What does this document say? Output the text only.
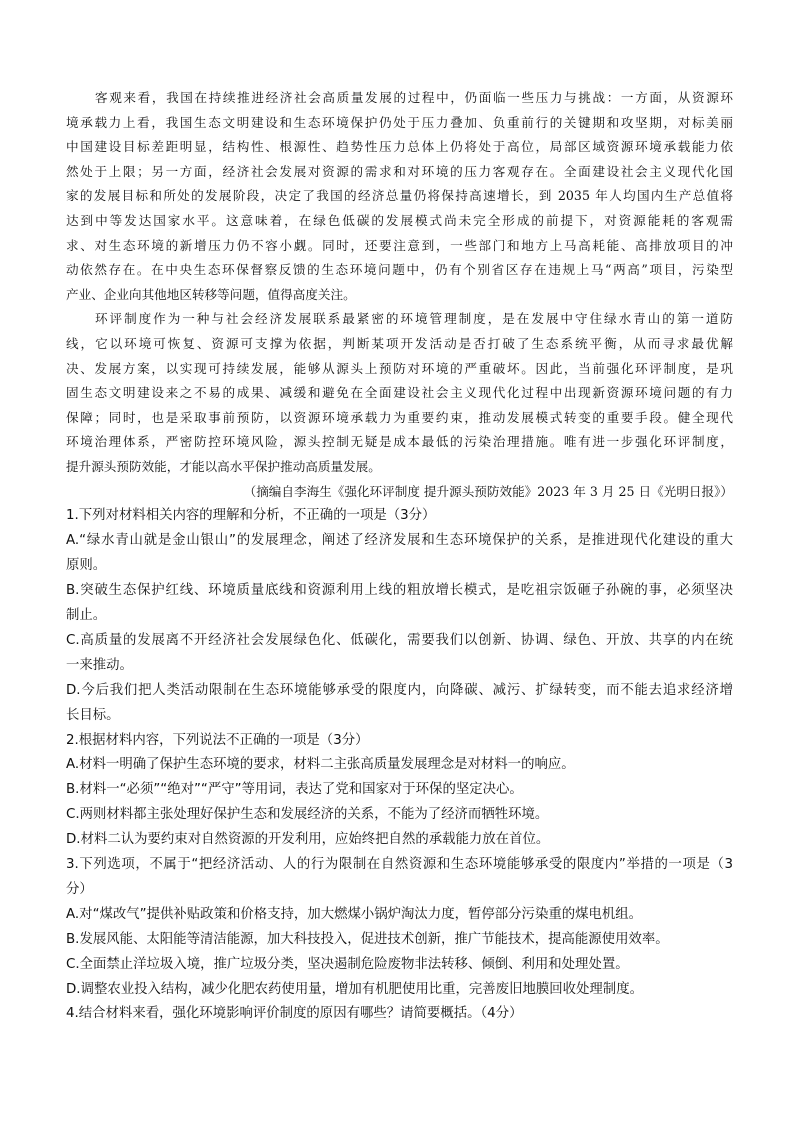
客观来看，我国在持续推进经济社会高质量发展的过程中，仍面临一些压力与挑战：一方面，从资源环
境承载力上看，我国生态文明建设和生态环境保护仍处于压力叠加、负重前行的关键期和攻坚期，对标美丽
中国建设目标差距明显，结构性、根源性、趋势性压力总体上仍将处于高位，局部区域资源环境承载能力依
然处于上限；另一方面，经济社会发展对资源的需求和对环境的压力客观存在。全面建设社会主义现代化国
家的发展目标和所处的发展阶段，决定了我国的经济总量仍将保持高速增长，到 2035 年人均国内生产总值将
达到中等发达国家水平。这意味着，在绿色低碳的发展模式尚未完全形成的前提下，对资源能耗的客观需
求、对生态环境的新增压力仍不容小觑。同时，还要注意到，一些部门和地方上马高耗能、高排放项目的冲
动依然存在。在中央生态环保督察反馈的生态环境问题中，仍有个别省区存在违规上马“两高”项目，污染型
产业、企业向其他地区转移等问题，值得高度关注。
环评制度作为一种与社会经济发展联系最紧密的环境管理制度，是在发展中守住绿水青山的第一道防
线，它以环境可恢复、资源可支撑为依据，判断某项开发活动是否打破了生态系统平衡，从而寻求最优解
决、发展方案，以实现可持续发展，能够从源头上预防对环境的严重破坏。因此，当前强化环评制度，是巩
固生态文明建设来之不易的成果、减缓和避免在全面建设社会主义现代化过程中出现新资源环境问题的有力
保障；同时，也是采取事前预防，以资源环境承载力为重要约束，推动发展模式转变的重要手段。健全现代
环境治理体系，严密防控环境风险，源头控制无疑是成本最低的污染治理措施。唯有进一步强化环评制度，
提升源头预防效能，才能以高水平保护推动高质量发展。
（摘编自李海生《强化环评制度 提升源头预防效能》2023 年 3 月 25 日《光明日报》）
1.下列对材料相关内容的理解和分析，不正确的一项是（3分）
A.“绿水青山就是金山银山”的发展理念，阐述了经济发展和生态环境保护的关系，是推进现代化建设的重大
原则。
B.突破生态保护红线、环境质量底线和资源利用上线的粗放增长模式，是吃祖宗饭砸子孙碗的事，必须坚决
制止。
C.高质量的发展离不开经济社会发展绿色化、低碳化，需要我们以创新、协调、绿色、开放、共享的内在统
一来推动。
D.今后我们把人类活动限制在生态环境能够承受的限度内，向降碳、减污、扩绿转变，而不能去追求经济增
长目标。
2.根据材料内容，下列说法不正确的一项是（3分）
A.材料一明确了保护生态环境的要求，材料二主张高质量发展理念是对材料一的响应。
B.材料一“必须”“绝对”“严守”等用词，表达了党和国家对于环保的坚定决心。
C.两则材料都主张处理好保护生态和发展经济的关系，不能为了经济而牺牲环境。
D.材料二认为要约束对自然资源的开发利用，应始终把自然的承载能力放在首位。
3.下列选项，不属于“把经济活动、人的行为限制在自然资源和生态环境能够承受的限度内”举措的一项是（3
分）
A.对“煤改气”提供补贴政策和价格支持，加大燃煤小锅炉淘汰力度，暂停部分污染重的煤电机组。
B.发展风能、太阳能等清洁能源，加大科技投入，促进技术创新，推广节能技术，提高能源使用效率。
C.全面禁止洋垃圾入境，推广垃圾分类，坚决遏制危险废物非法转移、倾倒、利用和处理处置。
D.调整农业投入结构，减少化肥农药使用量，增加有机肥使用比重，完善废旧地膜回收处理制度。
4.结合材料来看，强化环境影响评价制度的原因有哪些？请简要概括。（4分）
